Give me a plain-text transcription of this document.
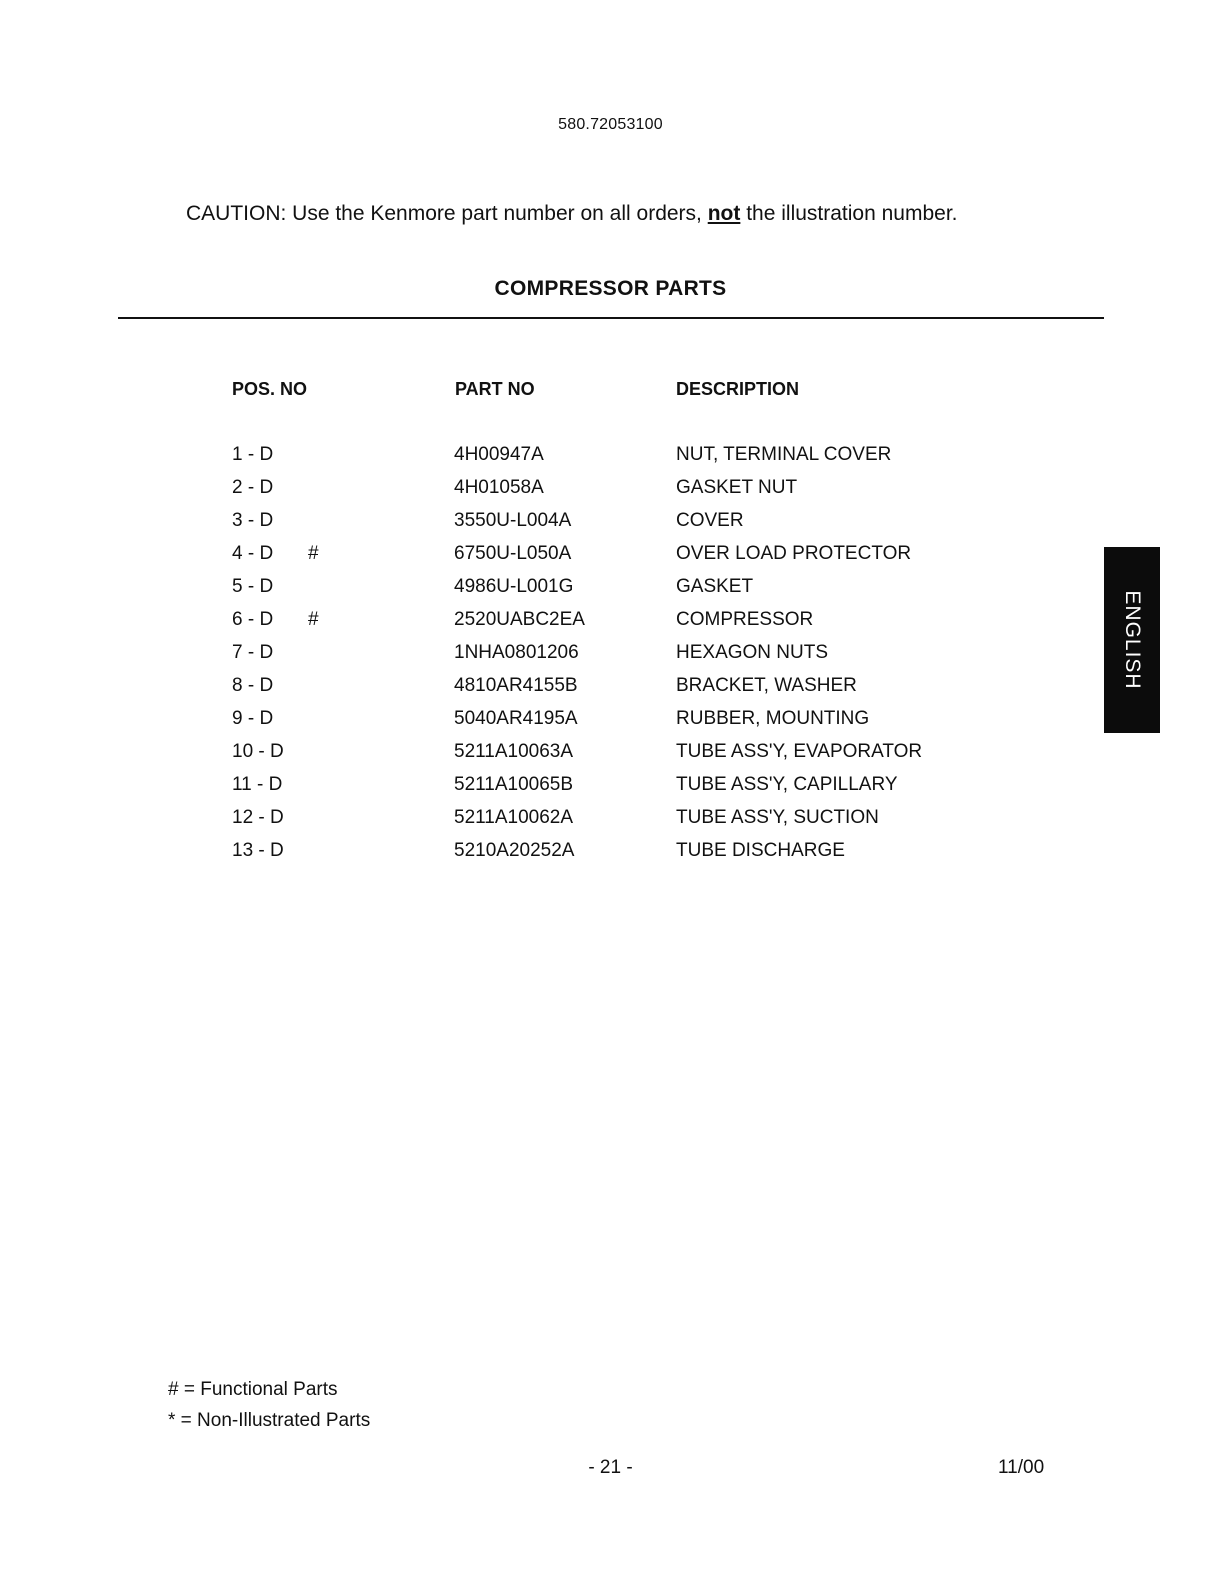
580.72053100
CAUTION: Use the Kenmore part number on all orders, not the illustration number.
COMPRESSOR PARTS
POS. NO	PART NO	DESCRIPTION
1 - D	4H00947A	NUT, TERMINAL COVER
2 - D	4H01058A	GASKET NUT
3 - D	3550U-L004A	COVER
4 - D #	6750U-L050A	OVER LOAD PROTECTOR
5 - D	4986U-L001G	GASKET
6 - D #	2520UABC2EA	COMPRESSOR
7 - D	1NHA0801206	HEXAGON NUTS
8 - D	4810AR4155B	BRACKET, WASHER
9 - D	5040AR4195A	RUBBER, MOUNTING
10 - D	5211A10063A	TUBE ASS'Y, EVAPORATOR
11 - D	5211A10065B	TUBE ASS'Y, CAPILLARY
12 - D	5211A10062A	TUBE ASS'Y, SUCTION
13 - D	5210A20252A	TUBE DISCHARGE
ENGLISH
# = Functional Parts
* = Non-Illustrated Parts
- 21 -	11/00
